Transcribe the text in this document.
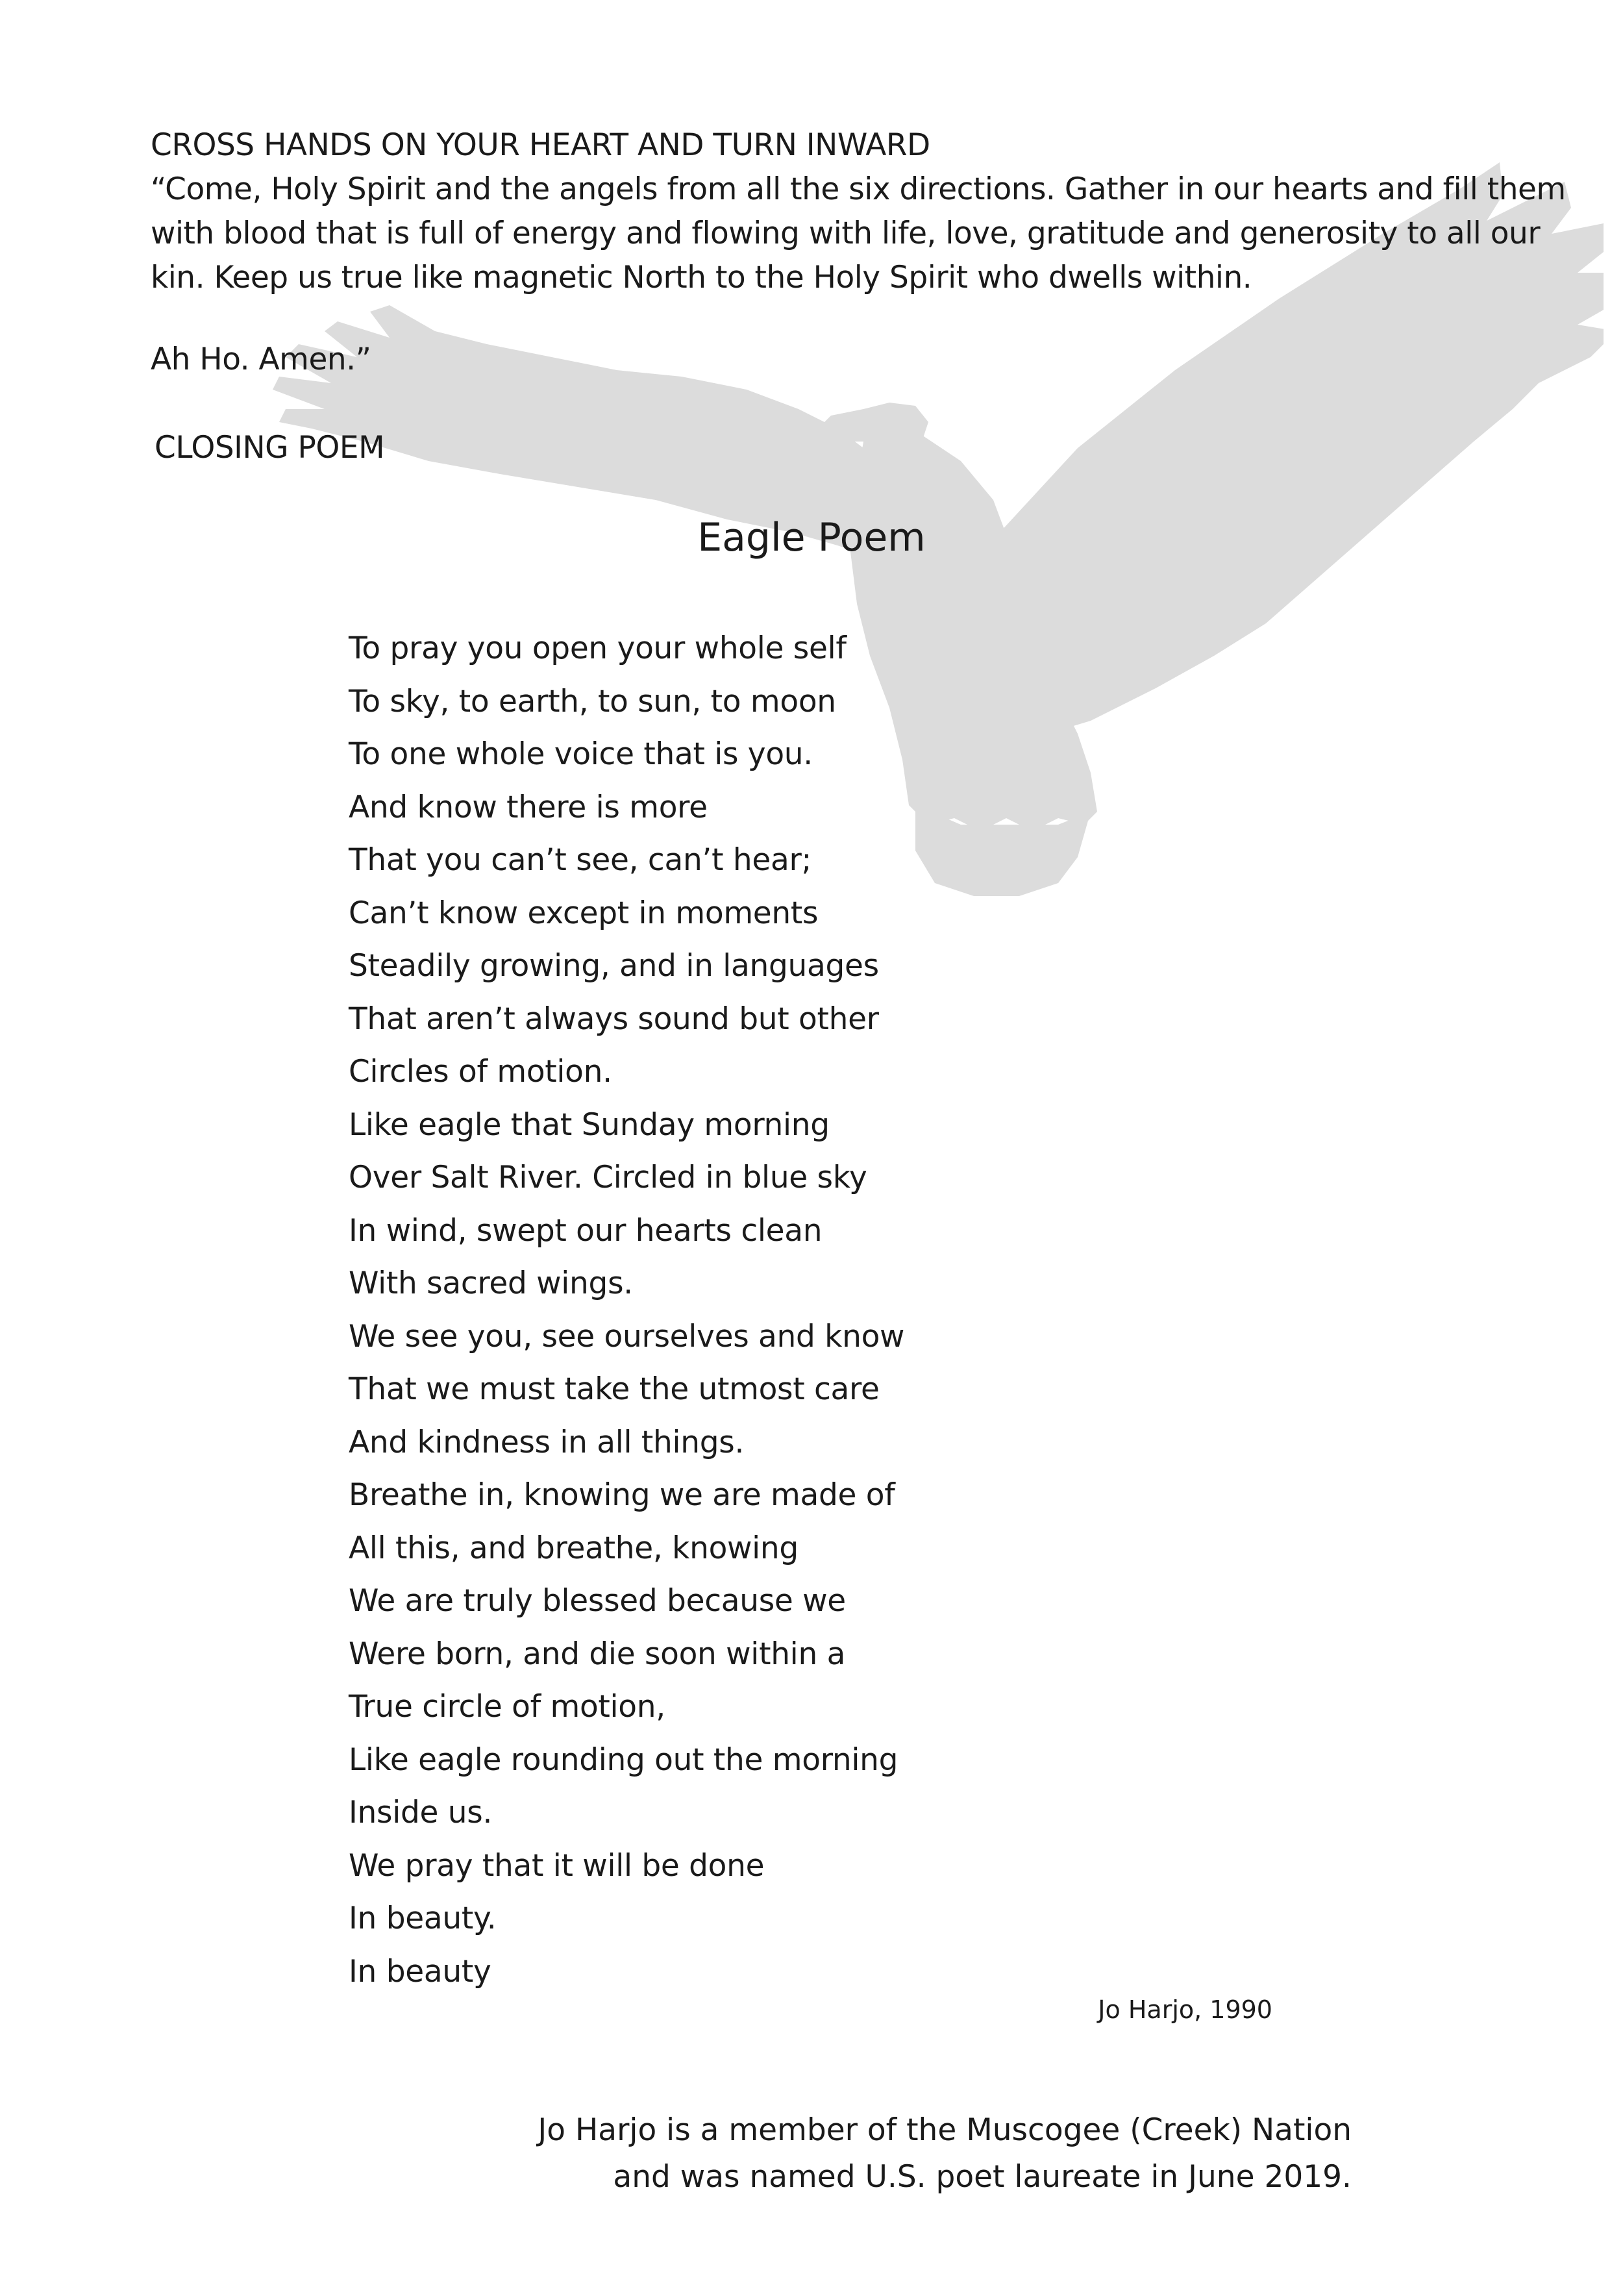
CROSS HANDS ON YOUR HEART AND TURN INWARD

“Come, Holy Spirit and the angels from all the six directions. Gather in our hearts and fill them

with blood that is full of energy and flowing with life, love, gratitude and generosity to all our

kin. Keep us true like magnetic North to the Holy Spirit who dwells within.

Ah Ho. Amen.”

CLOSING POEM
Eagle Poem
To pray you open your whole self
To sky, to earth, to sun, to moon
To one whole voice that is you.
And know there is more
That you can’t see, can’t hear;
Can’t know except in moments
Steadily growing, and in languages
That aren’t always sound but other
Circles of motion.
Like eagle that Sunday morning
Over Salt River. Circled in blue sky
In wind, swept our hearts clean
With sacred wings.
We see you, see ourselves and know
That we must take the utmost care
And kindness in all things.
Breathe in, knowing we are made of
All this, and breathe, knowing
We are truly blessed because we
Were born, and die soon within a
True circle of motion,
Like eagle rounding out the morning
Inside us.
We pray that it will be done
In beauty.
In beauty
Jo Harjo, 1990

Jo Harjo is a member of the Muscogee (Creek) Nation

and was named U.S. poet laureate in June 2019.
